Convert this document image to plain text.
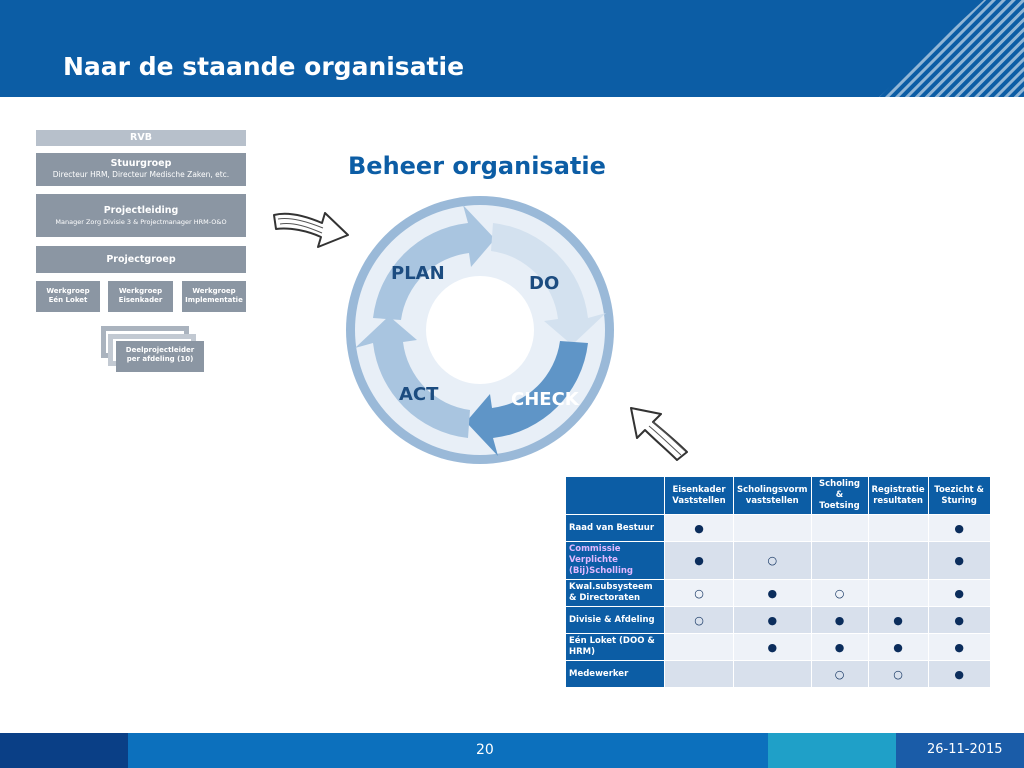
Naar de staande organisatie
RVB
Stuurgroep
Directeur HRM, Directeur Medische Zaken, etc.
Projectleiding
Manager Zorg Divisie 3 & Projectmanager HRM-O&O
Projectgroep
Werkgroep
Eén Loket
Werkgroep
Eisenkader
Werkgroep
Implementatie
Deelprojectleider
per afdeling (10)
Beheer organisatie
PLAN	DO
CHECK
ACT
	Eisenkader Vaststellen	Scholingsvorm vaststellen	Scholing & Toetsing	Registratie resultaten	Toezicht & Sturing
Raad van Bestuur	●				●
Commissie Verplichte (Bij)Scholling	●	○			●
Kwal.subsysteem & Directoraten	○	●	○		●
Divisie & Afdeling	○	●	●	●	●
Eén Loket (DOO & HRM)		●	●	●	●
Medewerker			○	○	●
20	26-11-2015
